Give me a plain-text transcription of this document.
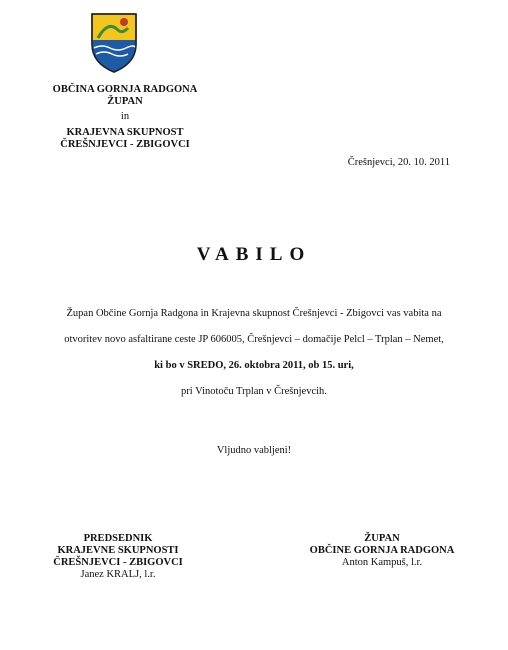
OBČINA GORNJA RADGONA
ŽUPAN
in
KRAJEVNA SKUPNOST
ČREŠNJEVCI - ZBIGOVCI
Črešnjevci, 20. 10. 2011
VABILO
Župan Občine Gornja Radgona in Krajevna skupnost Črešnjevci - Zbigovci vas vabita na
otvoritev novo asfaltirane ceste JP 606005, Črešnjevci – domačije Pelcl – Trplan – Nemet,
ki bo v SREDO, 26. oktobra 2011, ob 15. uri,
pri Vinotoču Trplan v Črešnjevcih.
Vljudno vabljeni!
PREDSEDNIK
KRAJEVNE SKUPNOSTI
ČREŠNJEVCI - ZBIGOVCI
Janez KRALJ, l.r.
ŽUPAN
OBČINE GORNJA RADGONA
Anton Kampuš, l.r.
